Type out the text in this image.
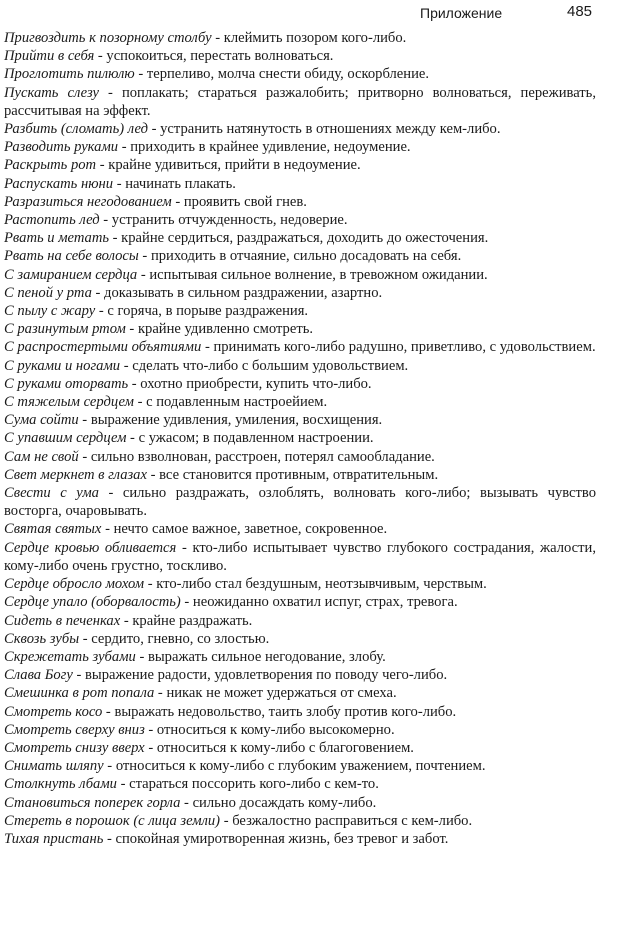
Приложение	485

Пригвоздить к позорному столбу - клеймить позором кого-либо.

Прийти в себя - успокоиться, перестать волноваться.

Проглотить пилюлю - терпеливо, молча снести обиду, оскорбление.

Пускать слезу - поплакать; стараться разжалобить; притворно волноваться, переживать, рассчитывая на эффект.

Разбить (сломать) лед - устранить натянутость в отношениях между кем-либо.

Разводить руками - приходить в крайнее удивление, недоумение.

Раскрыть рот - крайне удивиться, прийти в недоумение.

Распускать нюни - начинать плакать.

Разразиться негодованием - проявить свой гнев.

Растопить лед - устранить отчужденность, недоверие.

Рвать и метать - крайне сердиться, раздражаться, доходить до ожесточения.

Рвать на себе волосы - приходить в отчаяние, сильно досадовать на себя.

С замиранием сердца - испытывая сильное волнение, в тревожном ожидании.

С пеной у рта - доказывать в сильном раздражении, азартно.

С пылу с жару - с горяча, в порыве раздражения.

С разинутым ртом - крайне удивленно смотреть.

С распростертыми объятиями - принимать кого-либо радушно, приветливо, с удовольствием.

С руками и ногами - сделать что-либо с большим удовольствием.

С руками оторвать - охотно приобрести, купить что-либо.

С тяжелым сердцем - с подавленным настроейием.

Сума сойти - выражение удивления, умиления, восхищения.

С упавшим сердцем - с ужасом; в подавленном настроении.

Сам не свой - сильно взволнован, расстроен, потерял самообладание.

Свет меркнет в глазах - все становится противным, отвратительным.

Свести с ума - сильно раздражать, озлоблять, волновать кого-либо; вызывать чувство восторга, очаровывать.

Святая святых - нечто самое важное, заветное, сокровенное.

Сердце кровью обливается - кто-либо испытывает чувство глубокого сострадания, жалости, кому-либо очень грустно, тоскливо.

Сердце обросло мохом - кто-либо стал бездушным, неотзывчивым, черствым.

Сердце упало (оборвалость) - неожиданно охватил испуг, страх, тревога.

Сидеть в печенках - крайне раздражать.

Сквозь зубы - сердито, гневно, со злостью.

Скрежетать зубами - выражать сильное негодование, злобу.

Слава Богу - выражение радости, удовлетворения по поводу чего-либо.

Смешинка в рот попала - никак не может удержаться от смеха.

Смотреть косо - выражать недовольство, таить злобу против кого-либо.

Смотреть сверху вниз - относиться к кому-либо высокомерно.

Смотреть снизу вверх - относиться к кому-либо с благоговением.

Снимать шляпу - относиться к кому-либо с глубоким уважением, почтением.

Столкнуть лбами - стараться поссорить кого-либо с кем-то.

Становиться поперек горла - сильно досаждать кому-либо.

Стереть в порошок (с лица земли) - безжалостно расправиться с кем-либо.

Тихая пристань - спокойная умиротворенная жизнь, без тревог и забот.
